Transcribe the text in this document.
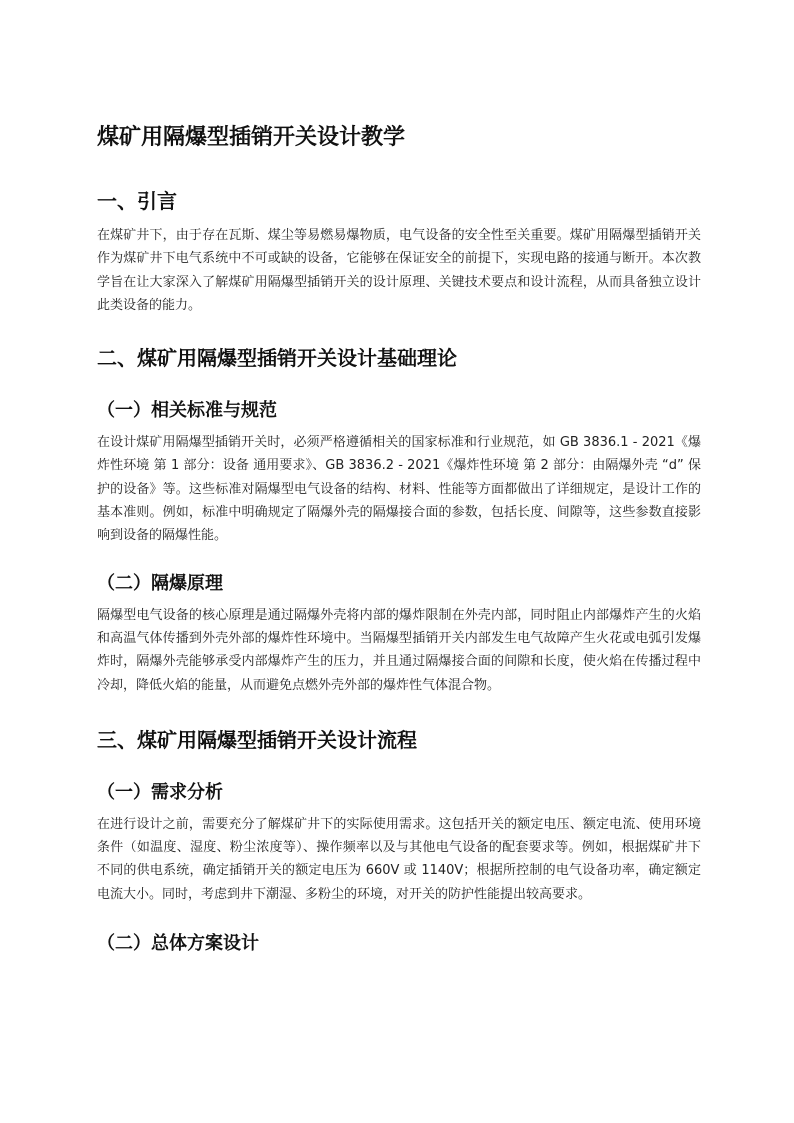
煤矿用隔爆型插销开关设计教学
一、引言

在煤矿井下，由于存在瓦斯、煤尘等易燃易爆物质，电气设备的安全性至关重要。煤矿用隔爆型插销开关作为煤矿井下电气系统中不可或缺的设备，它能够在保证安全的前提下，实现电路的接通与断开。本次教学旨在让大家深入了解煤矿用隔爆型插销开关的设计原理、关键技术要点和设计流程，从而具备独立设计此类设备的能力。

二、煤矿用隔爆型插销开关设计基础理论
（一）相关标准与规范

在设计煤矿用隔爆型插销开关时，必须严格遵循相关的国家标准和行业规范，如 GB 3836.1 - 2021《爆炸性环境 第 1 部分：设备 通用要求》、GB 3836.2 - 2021《爆炸性环境 第 2 部分：由隔爆外壳 “d” 保护的设备》等。这些标准对隔爆型电气设备的结构、材料、性能等方面都做出了详细规定，是设计工作的基本准则。例如，标准中明确规定了隔爆外壳的隔爆接合面的参数，包括长度、间隙等，这些参数直接影响到设备的隔爆性能。

（二）隔爆原理

隔爆型电气设备的核心原理是通过隔爆外壳将内部的爆炸限制在外壳内部，同时阻止内部爆炸产生的火焰和高温气体传播到外壳外部的爆炸性环境中。当隔爆型插销开关内部发生电气故障产生火花或电弧引发爆炸时，隔爆外壳能够承受内部爆炸产生的压力，并且通过隔爆接合面的间隙和长度，使火焰在传播过程中冷却，降低火焰的能量，从而避免点燃外壳外部的爆炸性气体混合物。

三、煤矿用隔爆型插销开关设计流程
（一）需求分析

在进行设计之前，需要充分了解煤矿井下的实际使用需求。这包括开关的额定电压、额定电流、使用环境条件（如温度、湿度、粉尘浓度等）、操作频率以及与其他电气设备的配套要求等。例如，根据煤矿井下不同的供电系统，确定插销开关的额定电压为 660V 或 1140V；根据所控制的电气设备功率，确定额定电流大小。同时，考虑到井下潮湿、多粉尘的环境，对开关的防护性能提出较高要求。

（二）总体方案设计
